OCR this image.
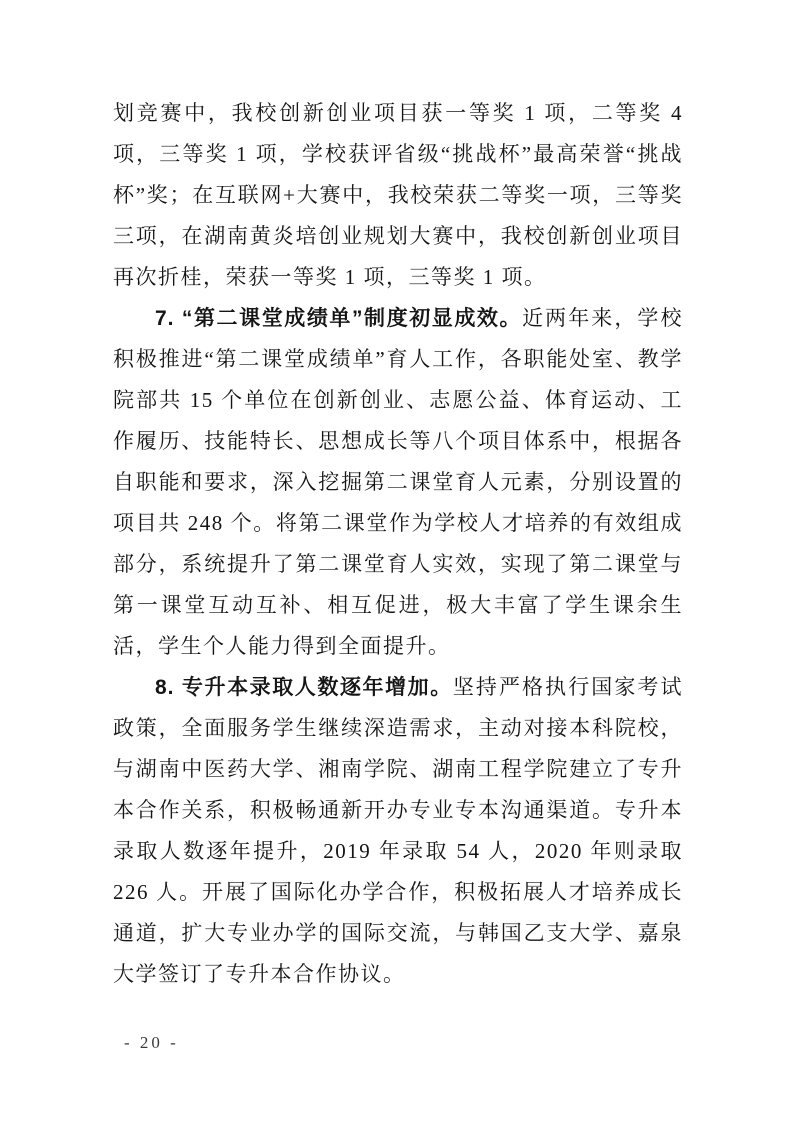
划竞赛中，我校创新创业项目获一等奖 1 项，二等奖 4 项，三等奖 1 项，学校获评省级“挑战杯”最高荣誉“挑战杯”奖；在互联网+大赛中，我校荣获二等奖一项，三等奖三项，在湖南黄炎培创业规划大赛中，我校创新创业项目再次折桂，荣获一等奖 1 项，三等奖 1 项。

7. “第二课堂成绩单”制度初显成效。近两年来，学校积极推进“第二课堂成绩单”育人工作，各职能处室、教学院部共 15 个单位在创新创业、志愿公益、体育运动、工作履历、技能特长、思想成长等八个项目体系中，根据各自职能和要求，深入挖掘第二课堂育人元素，分别设置的项目共 248 个。将第二课堂作为学校人才培养的有效组成部分，系统提升了第二课堂育人实效，实现了第二课堂与第一课堂互动互补、相互促进，极大丰富了学生课余生活，学生个人能力得到全面提升。

8. 专升本录取人数逐年增加。坚持严格执行国家考试政策，全面服务学生继续深造需求，主动对接本科院校，与湖南中医药大学、湘南学院、湖南工程学院建立了专升本合作关系，积极畅通新开办专业专本沟通渠道。专升本录取人数逐年提升，2019 年录取 54 人，2020 年则录取 226 人。开展了国际化办学合作，积极拓展人才培养成长通道，扩大专业办学的国际交流，与韩国乙支大学、嘉泉大学签订了专升本合作协议。

- 20 -
